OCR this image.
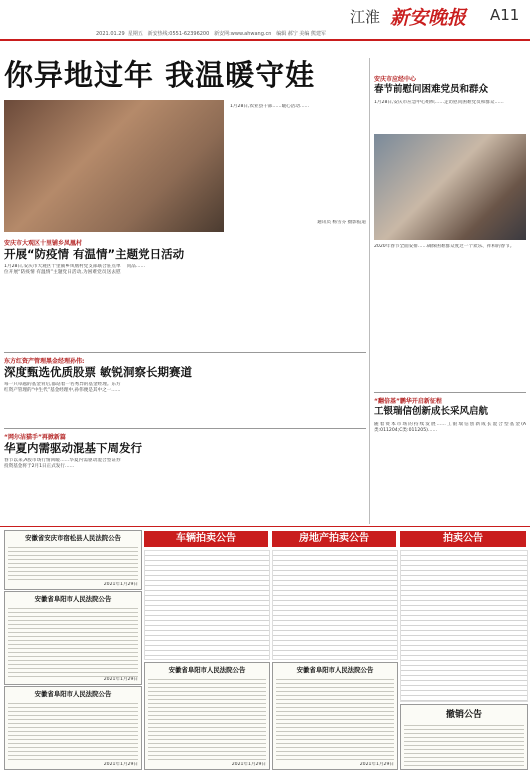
江淮 新安晚报 A11
2021.01.29 星期五 新安热线:0551-62396200 新安网:www.ahwang.cn 编辑 郝宁 美编 熊建军
你异地过年 我温暖守娃
1月28日,农业县干部……暖心活动……
通讯员 杨雪芬 摄影报道
安庆市大观区十里铺乡凤凰村
开展“防疫情 有温情”主题党日活动
1月28日,安庆市大观区十里铺乡凤凰村党支部联合驻点单位开展“防疫情 有温情”主题党日活动,为困难党员送去慰问品……
东方红资产管理黑金经理孙伟:
深度甄选优质股票 敏锐洞察长期赛道
每一只卓越的基金背后,都站着一名秀异的基金经理。东方红资产管理的“中生代”基金经理中,孙伟便是其中之一……
“网尔洁猫手”再掀新篇
华夏内需驱动混基下周发行
春节以来,A股市场行情回暖……华夏内需驱动混合型证券投资基金将于2月1日正式发行……
安庆市应经中心
春节前慰问困难党员和群众
1月28日,安庆市应急中心组织……走访慰问困难党员和群众……
2020年春节全面安排……确保困难群众度过一个欢乐、祥和的春节。
“翻倍基”鹏华开启新征程
工银瑞信创新成长采风启航
随着资本市场的持续发展……工银瑞信创新成长混合型基金(A类:011204;C类:011205)……
安徽省安庆市宿松县人民法院公告
2021年1月29日
安徽省阜阳市人民法院公告
2021年1月29日
安徽省阜阳市人民法院公告
2021年1月29日
车辆拍卖公告	房地产拍卖公告	拍卖公告
安徽省阜阳市人民法院公告
2021年1月29日
安徽省阜阳市人民法院公告
2021年1月29日
撤销公告
